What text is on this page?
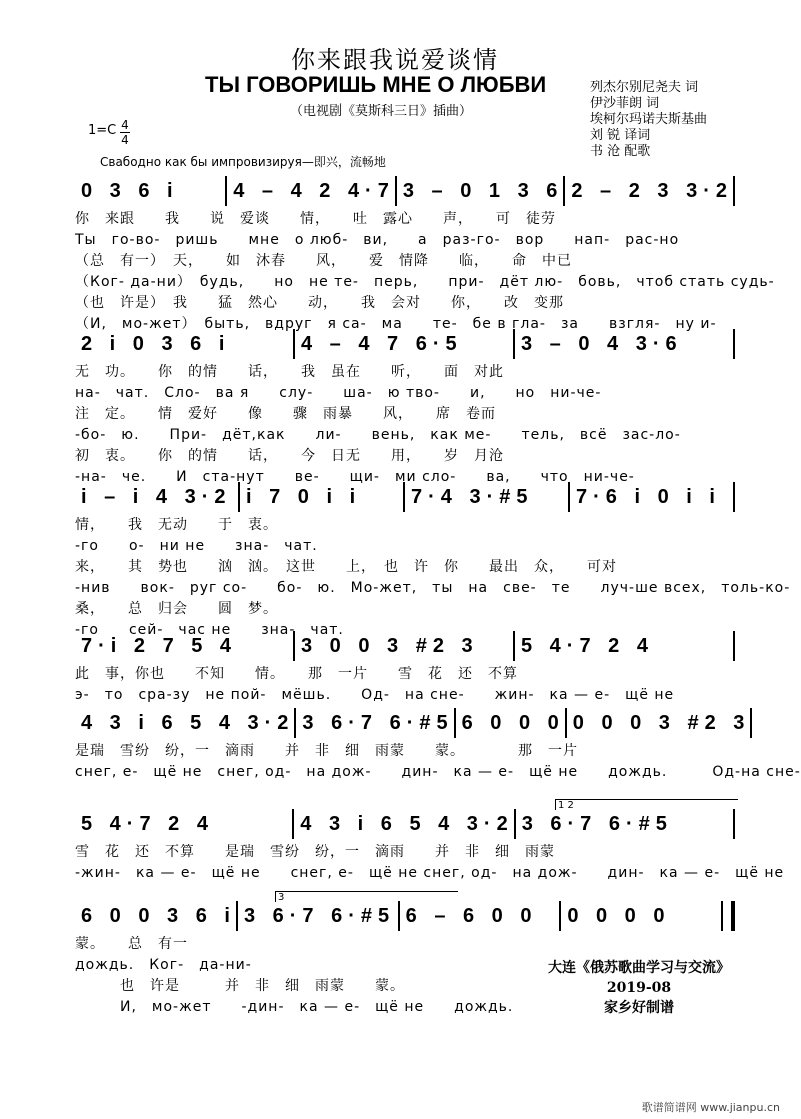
你来跟我说爱谈情
ТЫ ГОВОРИШЬ МНЕ О ЛЮБВИ
（电视剧《莫斯科三日》插曲）
列杰尔别尼尧夫 词
伊沙菲朗 词
埃柯尔玛诺夫斯基曲
刘 锐 译词
书 沧 配歌
1=C 4
4
Свабодно как бы импровизируя—即兴，流畅地
0 3 6 i	4 – 4 2 4·7 3 – 0 1 3 6 2 – 2 3 3·2
你　来跟　　我　　说　爱谈　　情，　　吐　露心　　声，　　可　徒劳
Ты　го-во-　ришь　　мне　о люб-　ви,　　а　раз-го-　вор　　нап-　рас-но
（总　有一）　天，　　如　沐春　　风，　　爱　情降　　临，　　命　中已
（Ког- да-ни）　будь,　　но　не те-　перь,　　при-　дёт лю-　бовь,　чтоб стать судь-
（也　许是）　我　　猛　然心　　动，　　我　会对　　你，　　改　变那
（И,　мо-жет）　быть,　вдруг　я са-　ма　　те-　бе в гла-　за　　взгля-　ну и-
2 i 0 3 6 i	4 – 4 7 6·5	3 – 0 4 3·6
无　功。　　你　的情　　话，　　我　虽在　　听，　　面　对此
на-　чат.　Сло-　ва я　　слу-　　ша-　ю тво-　　и,　　но　ни-че-
注　定。　　情　爱好　　像　　骤　雨暴　　风，　　席　卷而
-бо-　ю.　　При-　дёт,как　　ли-　　вень,　как ме-　　тель,　всё　зас-ло-
初　衷。　　你　的情　　话，　　今　日无　　用，　　岁　月沧
-на-　че.　　И　ста-нут　　ве-　　щи-　ми сло-　　ва,　　что　ни-че-
i – i 4 3·2 i 7 0 i i	7·4 3·#5	7·6 i 0 i i
情，　　我　无动　　于　衷。
-го　　о-　ни не　　зна-　чат.
来，　　其　势也　　汹　汹。　这世　　上，　也　许　你　　最出　众，　　可对
-нив　　вок-　руг со-　　бо-　ю.　Мо-жет,　ты　на　све-　те　　луч-ше всех,　толь-ко-
桑，　　总　归会　　圆　梦。
-го　　сей-　час не　　зна-　чат.
7·i 2 7 5 4	3 0 0 3 #2 3	5 4·7 2 4
此　事，你也　　不知　　情。　　那　一片　　雪　花　还　不算
э-　то　сра-зу　не пой-　мёшь.　　Од-　на сне-　　жин-　ка — е-　щё не
4 3 i 6 5 4 3·2 3 6·7 6·#5 6 0 0 0 0 0 0 3 #2 3
是瑞　雪纷　纷，一　滴雨　　并　非　细　雨蒙　　蒙。　　　　那　一片
снег, е-　щё не　снег, од-　на дож-　　дин-　ка — е-　щё не　　дождь.　　　Од-на сне-
5 4·7 2 4	4 3 i 6 5 4 3·2 3 6·7 6·#5
1 2
雪　花　还　不算　　是瑞　雪纷　纷，一　滴雨　　并　非　细　雨蒙
-жин-　ка — е-　щё не　　снег, е-　щё не снег, од-　на дож-　　дин-　ка — е-　щё не
6 0 0 3 6 i 3 6·7 6·#5 6 – 6 0 0	0 0 0 0
3
蒙。　　总　有一
дождь.　Ког-　да-ни-
　　　也　许是　　　并　非　细　雨蒙　　蒙。
　　　И,　мо-жет　　-дин-　ка — е-　щё не　　дождь.
大连《俄苏歌曲学习与交流》
2019-08
家乡好制谱
歌谱简谱网 www.jianpu.cn
